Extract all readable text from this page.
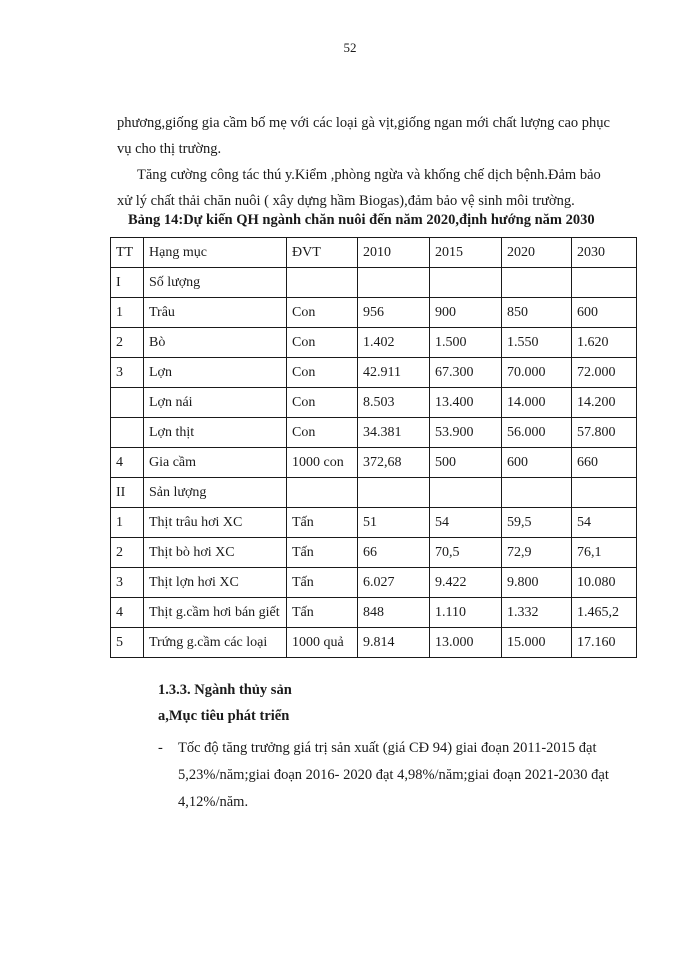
52

phương,giống gia cầm bố mẹ với các loại gà vịt,giống ngan mới chất lượng cao phục vụ cho thị trường.

Tăng cường công tác thú y.Kiểm ,phòng ngừa và khống chế dịch bệnh.Đảm bảo xử lý chất thải chăn nuôi ( xây dựng hầm Biogas),đảm bảo vệ sinh môi trường.

Bảng 14:Dự kiến QH ngành chăn nuôi đến năm 2020,định hướng năm 2030
TT	Hạng mục	ĐVT	2010	2015	2020	2030
I	Số lượng					
1	Trâu	Con	956	900	850	600
2	Bò	Con	1.402	1.500	1.550	1.620
3	Lợn	Con	42.911	67.300	70.000	72.000
	Lợn nái	Con	8.503	13.400	14.000	14.200
	Lợn thịt	Con	34.381	53.900	56.000	57.800
4	Gia cầm	1000 con	372,68	500	600	660
II	Sản lượng					
1	Thịt trâu hơi XC	Tấn	51	54	59,5	54
2	Thịt bò hơi XC	Tấn	66	70,5	72,9	76,1
3	Thịt lợn hơi XC	Tấn	6.027	9.422	9.800	10.080
4	Thịt g.cầm hơi bán giết	Tấn	848	1.110	1.332	1.465,2
5	Trứng g.cầm các loại	1000 quả	9.814	13.000	15.000	17.160
1.3.3. Ngành thủy sản
a,Mục tiêu phát triển
- Tốc độ tăng trưởng giá trị sản xuất (giá CĐ 94) giai đoạn 2011-2015 đạt 5,23%/năm;giai đoạn 2016- 2020 đạt 4,98%/năm;giai đoạn 2021-2030 đạt 4,12%/năm.
